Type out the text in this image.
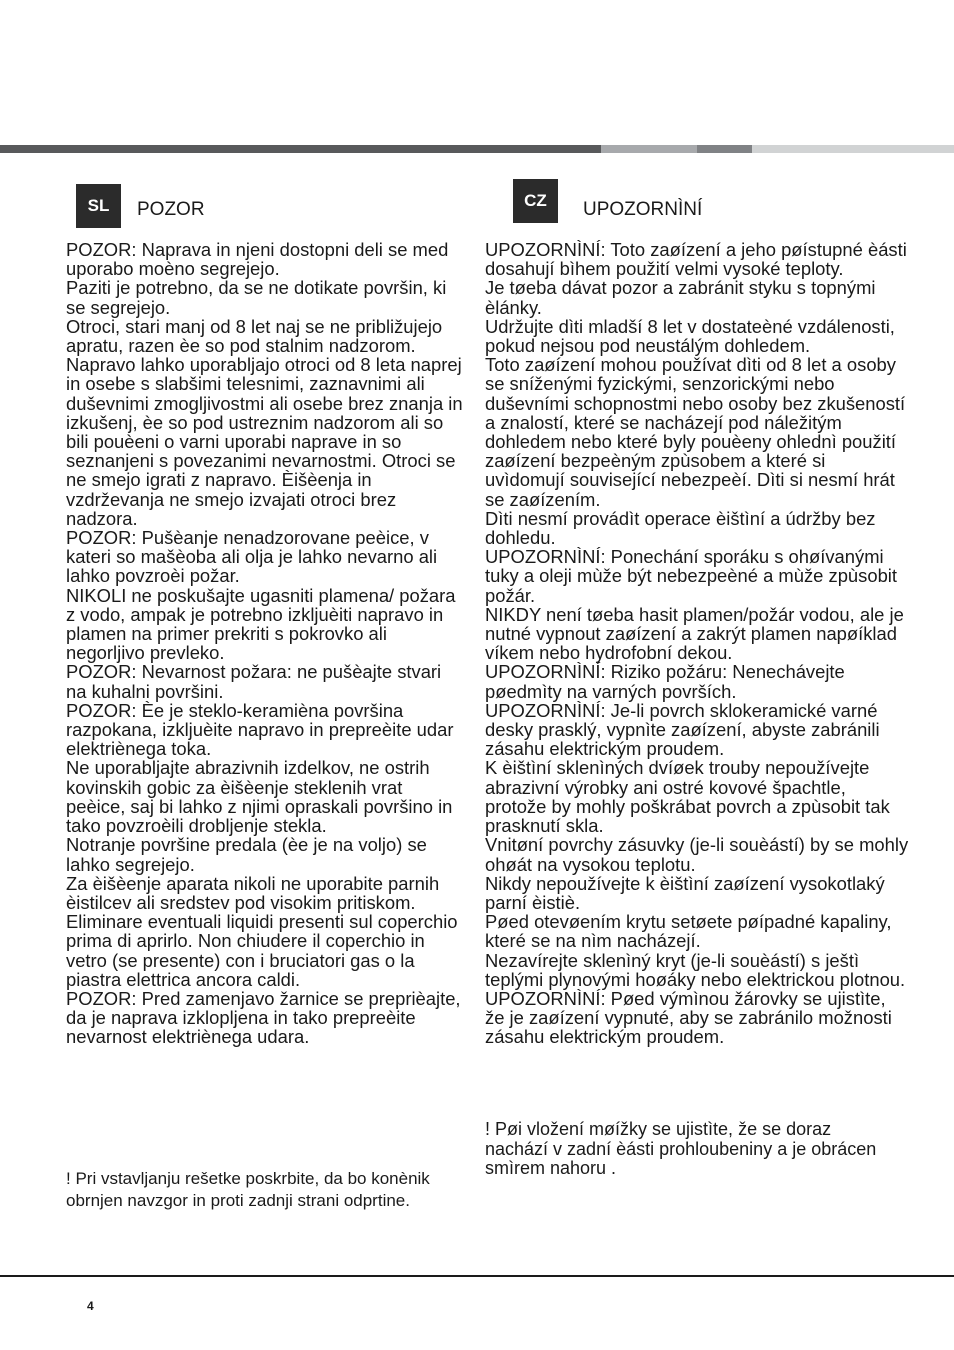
SL	POZOR	CZ	UPOZORNÌNÍ

POZOR: Naprava in njeni dostopni deli se med uporabo moèno segrejejo.

Paziti je potrebno, da se ne dotikate površin, ki se segrejejo.

Otroci, stari manj od 8 let naj se ne približujejo apratu, razen èe so pod stalnim nadzorom.

Napravo lahko uporabljajo otroci od 8 leta naprej in osebe s slabšimi telesnimi, zaznavnimi ali duševnimi zmogljivostmi ali osebe brez znanja in izkušenj, èe so pod ustreznim nadzorom ali so bili pouèeni o varni uporabi naprave in so seznanjeni s povezanimi nevarnostmi. Otroci se ne smejo igrati z napravo. Èišèenja in vzdrževanja ne smejo izvajati otroci brez nadzora.

POZOR: Pušèanje nenadzorovane peèice, v kateri so mašèoba ali olja je lahko nevarno ali lahko povzroèi požar.

NIKOLI ne poskušajte ugasniti plamena/ požara z vodo, ampak je potrebno izkljuèiti napravo in plamen na primer prekriti s pokrovko ali negorljivo prevleko.

POZOR: Nevarnost požara: ne pušèajte stvari na kuhalni površini.

POZOR: Èe je steklo-keramièna površina razpokana, izkljuèite napravo in prepreèite udar elektriènega toka.

Ne uporabljajte abrazivnih izdelkov, ne ostrih kovinskih gobic za èišèenje steklenih vrat peèice, saj bi lahko z njimi opraskali površino in tako povzroèili drobljenje stekla.

Notranje površine predala (èe je na voljo) se lahko segrejejo.

Za èišèenje aparata nikoli ne uporabite parnih èistilcev ali sredstev pod visokim pritiskom.

Eliminare eventuali liquidi presenti sul coperchio prima di aprirlo. Non chiudere il coperchio in vetro (se presente) con i bruciatori gas o la piastra elettrica ancora caldi.

POZOR: Pred zamenjavo žarnice se preprièajte, da je naprava izklopljena in tako prepreèite nevarnost elektriènega udara.

! Pri vstavljanju rešetke poskrbite, da bo konènik obrnjen navzgor in proti zadnji strani odprtine.

UPOZORNÌNÍ: Toto zaøízení a jeho pøístupné èásti dosahují bìhem použití velmi vysoké teploty.

Je tøeba dávat pozor a zabránit styku s topnými èlánky.

Udržujte dìti mladší 8 let v dostateèné vzdálenosti, pokud nejsou pod neustálým dohledem.

Toto zaøízení mohou používat dìti od 8 let a osoby se sníženými fyzickými, senzorickými nebo duševními schopnostmi nebo osoby bez zkušeností a znalostí, které se nacházejí pod náležitým dohledem nebo které byly pouèeny ohlednì použití zaøízení bezpeèným zpùsobem a které si uvìdomují související nebezpeèí. Dìti si nesmí hrát se zaøízením.

Dìti nesmí provádìt operace èištìní a údržby bez dohledu.

UPOZORNÌNÍ: Ponechání sporáku s ohøívanými tuky a oleji mùže být nebezpeèné a mùže zpùsobit požár.

NIKDY není tøeba hasit plamen/požár vodou, ale je nutné vypnout zaøízení a zakrýt plamen napøíklad víkem nebo hydrofobní dekou.

UPOZORNÌNÍ: Riziko požáru: Nenechávejte pøedmìty na varných površích.

UPOZORNÌNÍ: Je-li povrch sklokeramické varné desky prasklý, vypnìte zaøízení, abyste zabránili zásahu elektrickým proudem.

K èištìní sklenìných dvíøek trouby nepoužívejte abrazivní výrobky ani ostré kovové špachtle, protože by mohly poškrábat povrch a zpùsobit tak prasknutí skla.

Vnitøní povrchy zásuvky (je-li souèástí) by se mohly ohøát na vysokou teplotu.

Nikdy nepoužívejte k èištìní zaøízení vysokotlaký parní èistiè.

Pøed otevøením krytu setøete pøípadné kapaliny, které se na nìm nacházejí.

Nezavírejte sklenìný kryt (je-li souèástí) s ještì teplými plynovými hoøáky nebo elektrickou plotnou.

UPOZORNÌNÍ: Pøed výmìnou žárovky se ujistìte, že je zaøízení vypnuté, aby se zabránilo možnosti zásahu elektrickým proudem.

! Pøi vložení møížky se ujistìte, že se doraz nachází v zadní èásti prohloubeniny a je obrácen smìrem nahoru .
4
